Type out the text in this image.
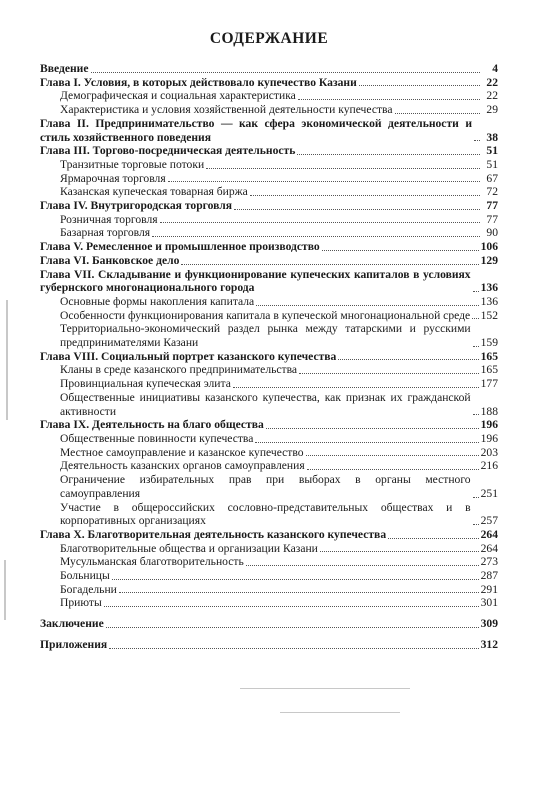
СОДЕРЖАНИЕ
Введение	4
Глава I. Условия, в которых действовало купечество Казани	22
Демографическая и социальная характеристика	22
Характеристика и условия хозяйственной деятельности купечества	29
Глава II. Предпринимательство — как сфера экономической деятельности и стиль хозяйственного поведения	38
Глава III. Торгово-посредническая деятельность	51
Транзитные торговые потоки	51
Ярмарочная торговля	67
Казанская купеческая товарная биржа	72
Глава IV. Внутригородская торговля	77
Розничная торговля	77
Базарная торговля	90
Глава V. Ремесленное и промышленное производство	106
Глава VI. Банковское дело	129
Глава VII. Складывание и функционирование купеческих капиталов в условиях губернского многонационального города	136
Основные формы накопления капитала	136
Особенности функционирования капитала в купеческой многонациональной среде 152
Территориально-экономический раздел рынка между татарскими и русскими предпринимателями Казани	159
Глава VIII. Социальный портрет казанского купечества	165
Кланы в среде казанского предпринимательства	165
Провинциальная купеческая элита	177
Общественные инициативы казанского купечества, как признак их гражданской активности	188
Глава IX. Деятельность на благо общества	196
Общественные повинности купечества	196
Местное самоуправление и казанское купечество	203
Деятельность казанских органов самоуправления	216
Ограничение избирательных прав при выборах в органы местного самоуправления	251
Участие в общероссийских сословно-представительных обществах и в корпоративных организациях	257
Глава X. Благотворительная деятельность казанского купечества	264
Благотворительные общества и организации Казани	264
Мусульманская благотворительность	273
Больницы	287
Богадельни	291
Приюты	301
Заключение	309
Приложения	312
